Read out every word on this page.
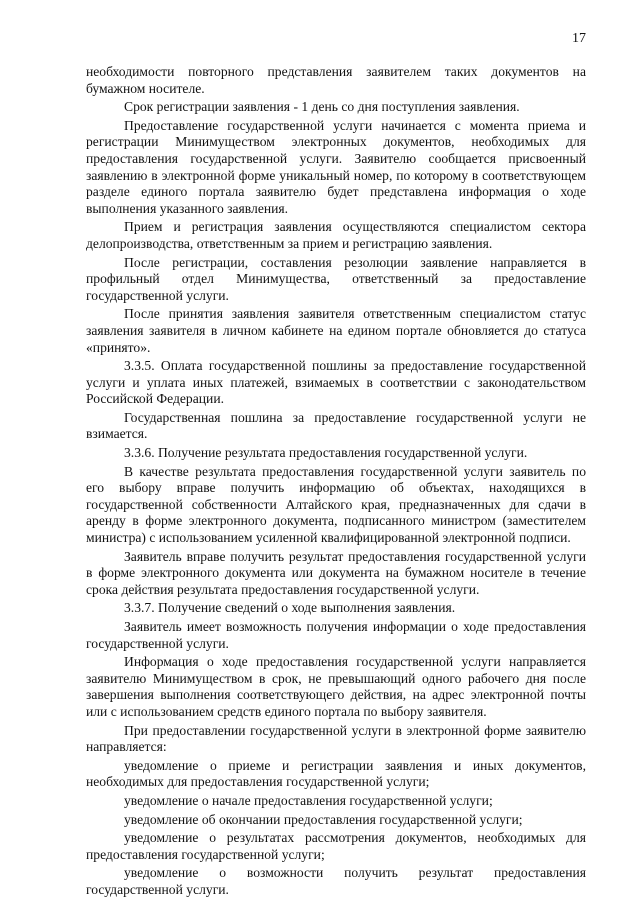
17

необходимости повторного представления заявителем таких документов на бумажном носителе.

Срок регистрации заявления - 1 день со дня поступления заявления.

Предоставление государственной услуги начинается с момента приема и регистрации Минимуществом электронных документов, необходимых для предоставления государственной услуги. Заявителю сообщается присвоенный заявлению в электронной форме уникальный номер, по которому в соответствующем разделе единого портала заявителю будет представлена информация о ходе выполнения указанного заявления.

Прием и регистрация заявления осуществляются специалистом сектора делопроизводства, ответственным за прием и регистрацию заявления.

После регистрации, составления резолюции заявление направляется в профильный отдел Минимущества, ответственный за предоставление государственной услуги.

После принятия заявления заявителя ответственным специалистом статус заявления заявителя в личном кабинете на едином портале обновляется до статуса «принято».

3.3.5. Оплата государственной пошлины за предоставление государственной услуги и уплата иных платежей, взимаемых в соответствии с законодательством Российской Федерации.

Государственная пошлина за предоставление государственной услуги не взимается.

3.3.6. Получение результата предоставления государственной услуги.

В качестве результата предоставления государственной услуги заявитель по его выбору вправе получить информацию об объектах, находящихся в государственной собственности Алтайского края, предназначенных для сдачи в аренду в форме электронного документа, подписанного министром (заместителем министра) с использованием усиленной квалифицированной электронной подписи.

Заявитель вправе получить результат предоставления государственной услуги в форме электронного документа или документа на бумажном носителе в течение срока действия результата предоставления государственной услуги.

3.3.7. Получение сведений о ходе выполнения заявления.

Заявитель имеет возможность получения информации о ходе предоставления государственной услуги.

Информация о ходе предоставления государственной услуги направляется заявителю Минимуществом в срок, не превышающий одного рабочего дня после завершения выполнения соответствующего действия, на адрес электронной почты или с использованием средств единого портала по выбору заявителя.

При предоставлении государственной услуги в электронной форме заявителю направляется:

уведомление о приеме и регистрации заявления и иных документов, необходимых для предоставления государственной услуги;

уведомление о начале предоставления государственной услуги;

уведомление об окончании предоставления государственной услуги;

уведомление о результатах рассмотрения документов, необходимых для предоставления государственной услуги;

уведомление о возможности получить результат предоставления государственной услуги.
